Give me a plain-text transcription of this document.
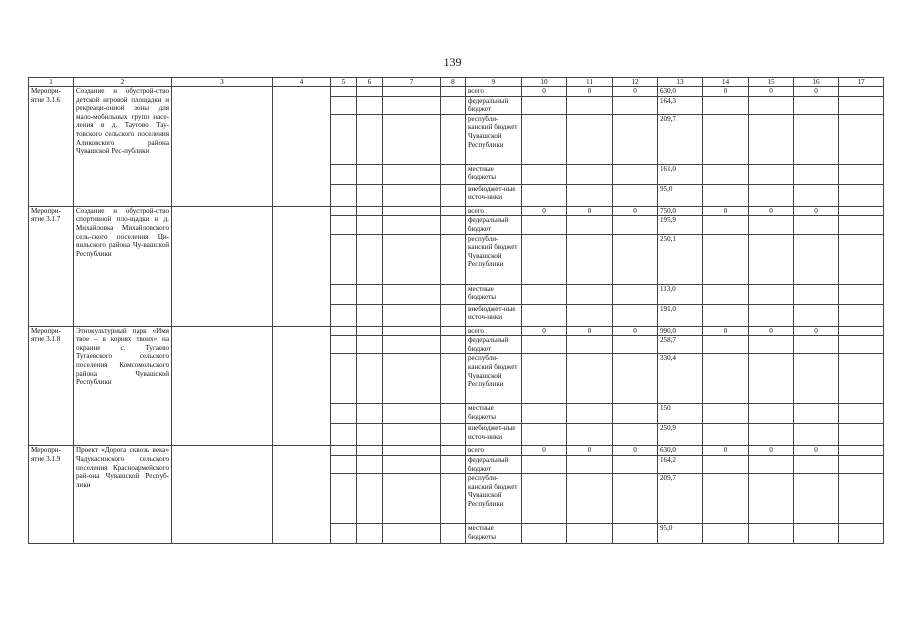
139
1	2	3	4	5	6	7	8	9	10	11	12	13	14	15	16	17
Меропри-ятие 3.1.6	Создание и обустрой-ство детской игровой площадки и рекреаци-онной зоны для мало-мобильных групп насе-ления в д. Таутово Тау-товского сельского поселения Аликовского района Чувашской Рес-публики							всего	0	0	0	630,0	0	0	0	
								федеральный бюджет				164,3				
								республи-канский бюджет Чувашской Республики				209,7				
								местные бюджеты				161,0				
								внебюджет-ные источ-ники				95,0				
Меропри-ятие 3.1.7	Создание и обустрой-ство спортивной пло-щадки в д. Михайловка Михайловского сель-ского поселения Ци-вильского района Чу-вашской Республики							всего	0	0	0	750,0	0	0	0	
								федеральный бюджет				195,9				
								республи-канский бюджет Чувашской Республики				250,1				
								местные бюджеты				113,0				
								внебюджет-ные источ-ники				191,0				
Меропри-ятие 3.1.8	Этнокультурный парк «Имя твое – в корнях твоих» на окраине с. Тугаево Тугаевского сельского поселения Комсомольского района Чувашской Республики							всего	0	0	0	990,0	0	0	0	
								федеральный бюджет				258,7				
								республи-канский бюджет Чувашской Республики				330,4				
								местные бюджеты				150				
								внебюджет-ные источ-ники				250,9				
Меропри-ятие 3.1.9	Проект «Дорога сквозь века» Чадукасинского сельского поселения Красноармейского рай-она Чувашской Респуб-лики							всего	0	0	0	630,0	0	0	0	
								федеральный бюджет				164,2				
								республи-канский бюджет Чувашской Республики				209,7				
								местные бюджеты				95,0				
